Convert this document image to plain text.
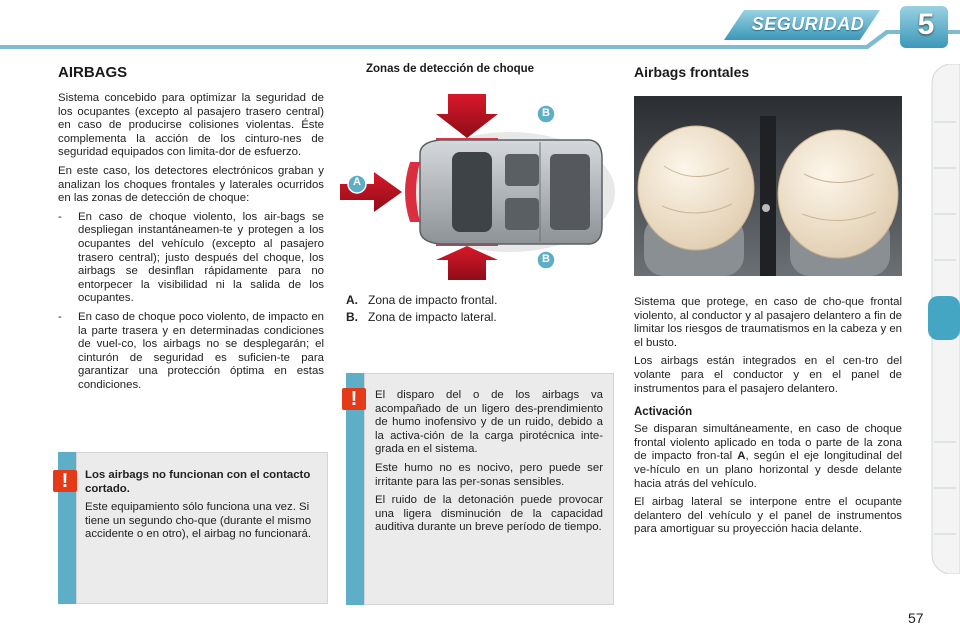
SEGURIDAD	5
AIRBAGS

Sistema concebido para optimizar la seguridad de los ocupantes (excepto al pasajero trasero central) en caso de producirse colisiones violentas. Éste complementa la acción de los cinturo-nes de seguridad equipados con limita-dor de esfuerzo.

En este caso, los detectores electrónicos graban y analizan los choques frontales y laterales ocurridos en las zonas de detección de choque:

- En caso de choque violento, los air-bags se despliegan instantáneamen-te y protegen a los ocupantes del vehículo (excepto al pasajero trasero central); justo después del choque, los airbags se desinflan rápidamente para no entorpecer la visibilidad ni la salida de los ocupantes.
- En caso de choque poco violento, de impacto en la parte trasera y en determinadas condiciones de vuel-co, los airbags no se desplegarán; el cinturón de seguridad es suficien-te para garantizar una protección óptima en estas condiciones.
!	Los airbags no funcionan con el contacto cortado.

Este equipamiento sólo funciona una vez. Si tiene un segundo cho-que (durante el mismo accidente o en otro), el airbag no funcionará.

Zonas de detección de choque
A
B
B
A. Zona de impacto frontal.
B. Zona de impacto lateral.
!	El disparo del o de los airbags va acompañado de un ligero des-prendimiento de humo inofensivo y de un ruido, debido a la activa-ción de la carga pirotécnica inte-grada en el sistema.

Este humo no es nocivo, pero puede ser irritante para las per-sonas sensibles.

El ruido de la detonación puede provocar una ligera disminución de la capacidad auditiva durante un breve período de tiempo.

Airbags frontales

Sistema que protege, en caso de cho-que frontal violento, al conductor y al pasajero delantero a fin de limitar los riesgos de traumatismos en la cabeza y en el busto.

Los airbags están integrados en el cen-tro del volante para el conductor y en el panel de instrumentos para el pasajero delantero.

Activación

Se disparan simultáneamente, en caso de choque frontal violento aplicado en toda o parte de la zona de impacto fron-tal A, según el eje longitudinal del ve-hículo en un plano horizontal y desde delante hacia atrás del vehículo.

El airbag lateral se interpone entre el ocupante delantero del vehículo y el panel de instrumentos para amortiguar su proyección hacia delante.

57
